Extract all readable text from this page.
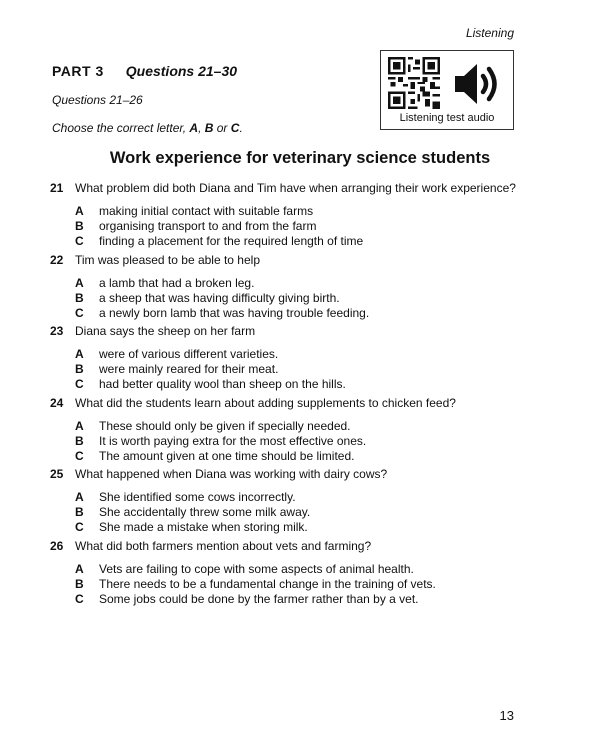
Listening
PART 3 Questions 21–30
Questions 21–26
Choose the correct letter, A, B or C.
Listening test audio
Work experience for veterinary science students
21 What problem did both Diana and Tim have when arranging their work experience?
A making initial contact with suitable farms
B organising transport to and from the farm
C finding a placement for the required length of time
22 Tim was pleased to be able to help
A a lamb that had a broken leg.
B a sheep that was having difficulty giving birth.
C a newly born lamb that was having trouble feeding.
23 Diana says the sheep on her farm
A were of various different varieties.
B were mainly reared for their meat.
C had better quality wool than sheep on the hills.
24 What did the students learn about adding supplements to chicken feed?
A These should only be given if specially needed.
B It is worth paying extra for the most effective ones.
C The amount given at one time should be limited.
25 What happened when Diana was working with dairy cows?
A She identified some cows incorrectly.
B She accidentally threw some milk away.
C She made a mistake when storing milk.
26 What did both farmers mention about vets and farming?
A Vets are failing to cope with some aspects of animal health.
B There needs to be a fundamental change in the training of vets.
C Some jobs could be done by the farmer rather than by a vet.
13
